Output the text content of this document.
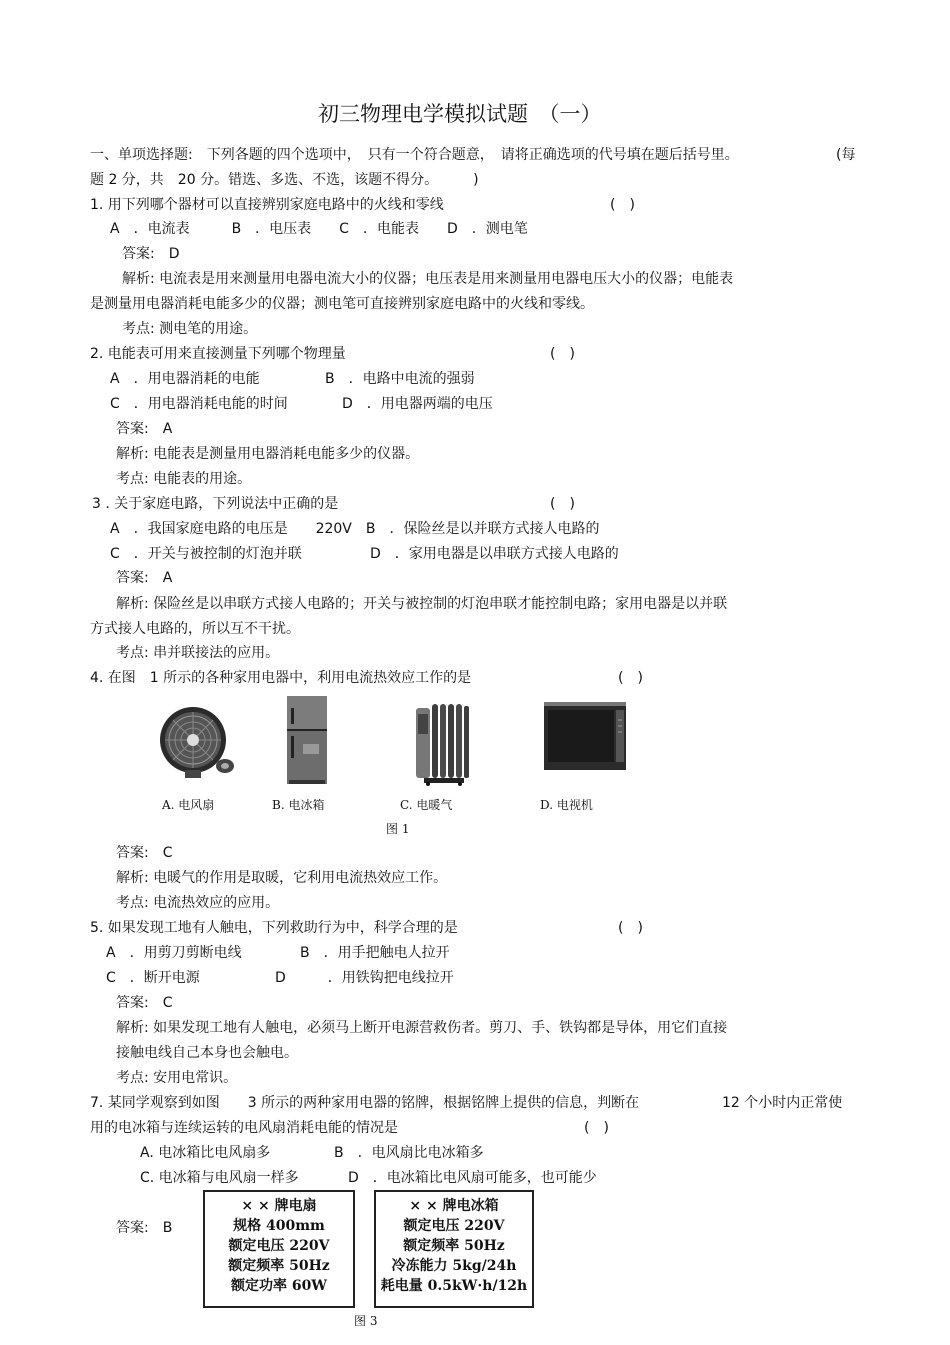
初三物理电学模拟试题　（一）
一、单项选择题:　下列各题的四个选项中，　只有一个符合题意，　请将正确选项的代号填在题后括号里。	(每
题 2 分，共　20 分。错选、多选、不选，该题不得分。　　　)
1. 用下列哪个器材可以直接辨别家庭电路中的火线和零线	(　)
A　．电流表　　　B　．电压表　　C　．电能表　　D　．测电笔
答案:　D
解析: 电流表是用来测量用电器电流大小的仪器；电压表是用来测量用电器电压大小的仪器；电能表
是测量用电器消耗电能多少的仪器；测电笔可直接辨别家庭电路中的火线和零线。
考点: 测电笔的用途。
2. 电能表可用来直接测量下列哪个物理量	(　)
A　．用电器消耗的电能	B　．电路中电流的强弱
C　．用电器消耗电能的时间	D　．用电器两端的电压
答案:　A
解析: 电能表是测量用电器消耗电能多少的仪器。
考点: 电能表的用途。
3 . 关于家庭电路，下列说法中正确的是	(　)
A　．我国家庭电路的电压是　　220V　B　．保险丝是以并联方式接人电路的
C　．开关与被控制的灯泡并联	D　．家用电器是以串联方式接人电路的
答案:　A
解析: 保险丝是以串联方式接人电路的；开关与被控制的灯泡串联才能控制电路；家用电器是以并联
方式接人电路的，所以互不干扰。
考点: 串并联接法的应用。
4. 在图　1 所示的各种家用电器中，利用电流热效应工作的是	(　)
A. 电风扇	B. 电冰箱	C. 电暖气	D. 电视机
图 1
答案:　C
解析: 电暖气的作用是取暖，它利用电流热效应工作。
考点: 电流热效应的应用。
5. 如果发现工地有人触电，下列救助行为中，科学合理的是	(　)
A　．用剪刀剪断电线	B　．用手把触电人拉开
C　．断开电源	D　　　．用铁钩把电线拉开
答案:　C
解析: 如果发现工地有人触电，必须马上断开电源营救伤者。剪刀、手、铁钩都是导体，用它们直接
接触电线自己本身也会触电。
考点: 安用电常识。
7. 某同学观察到如图　　3 所示的两种家用电器的铭牌，根据铭牌上提供的信息，判断在	12 个小时内正常使
用的电冰箱与连续运转的电风扇消耗电能的情况是	(　)
A. 电冰箱比电风扇多	B　．电风扇比电冰箱多
C. 电冰箱与电风扇一样多	D　．电冰箱比电风扇可能多，也可能少
答案:　B
× × 牌电扇
规格 400mm
额定电压 220V
额定频率 50Hz
额定功率 60W
× × 牌电冰箱
额定电压 220V
额定频率 50Hz
冷冻能力 5kg/24h
耗电量 0.5kW·h/12h
图 3
